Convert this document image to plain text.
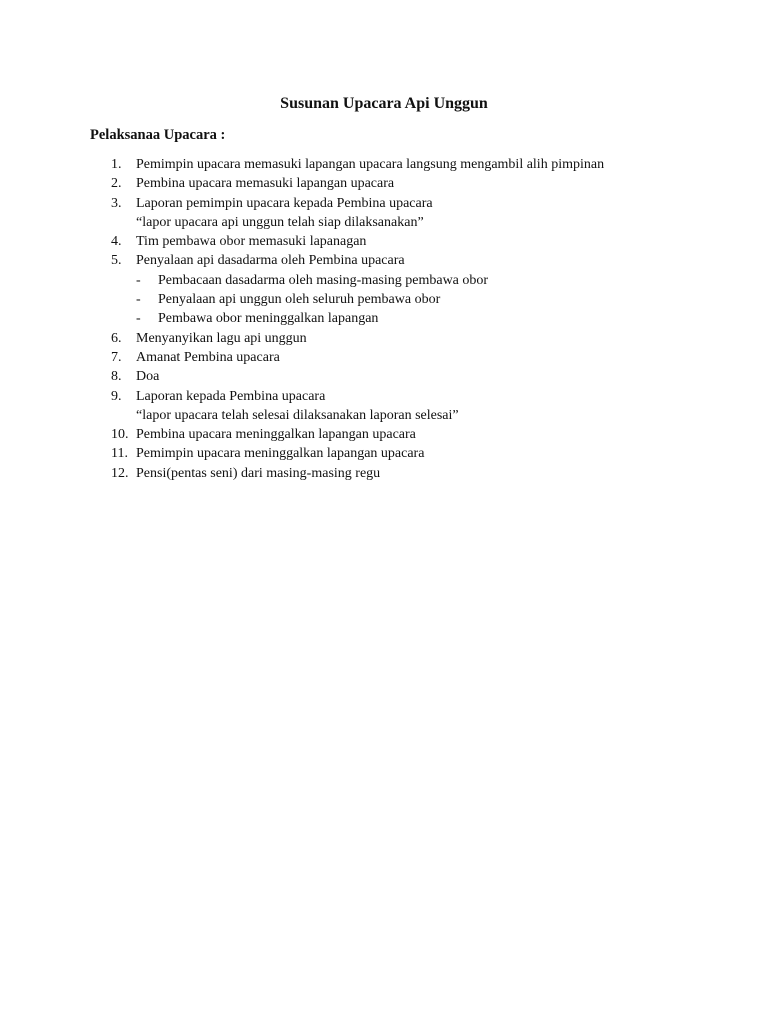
Susunan Upacara Api Unggun
Pelaksanaa Upacara :
1.	Pemimpin upacara memasuki lapangan upacara langsung mengambil alih pimpinan
2.	Pembina upacara memasuki lapangan upacara
3.	Laporan pemimpin upacara kepada Pembina upacara
“lapor upacara api unggun telah siap dilaksanakan”
4.	Tim pembawa obor memasuki lapanagan
5.	Penyalaan api dasadarma oleh Pembina upacara
- Pembacaan dasadarma oleh masing-masing pembawa obor
- Penyalaan api unggun oleh seluruh pembawa obor
- Pembawa obor meninggalkan lapangan
6.	Menyanyikan lagu api unggun
7.	Amanat Pembina upacara
8.	Doa
9.	Laporan kepada Pembina upacara
“lapor upacara telah selesai dilaksanakan laporan selesai”
10. Pembina upacara meninggalkan lapangan upacara
11. Pemimpin upacara meninggalkan lapangan upacara
12. Pensi(pentas seni) dari masing-masing regu
